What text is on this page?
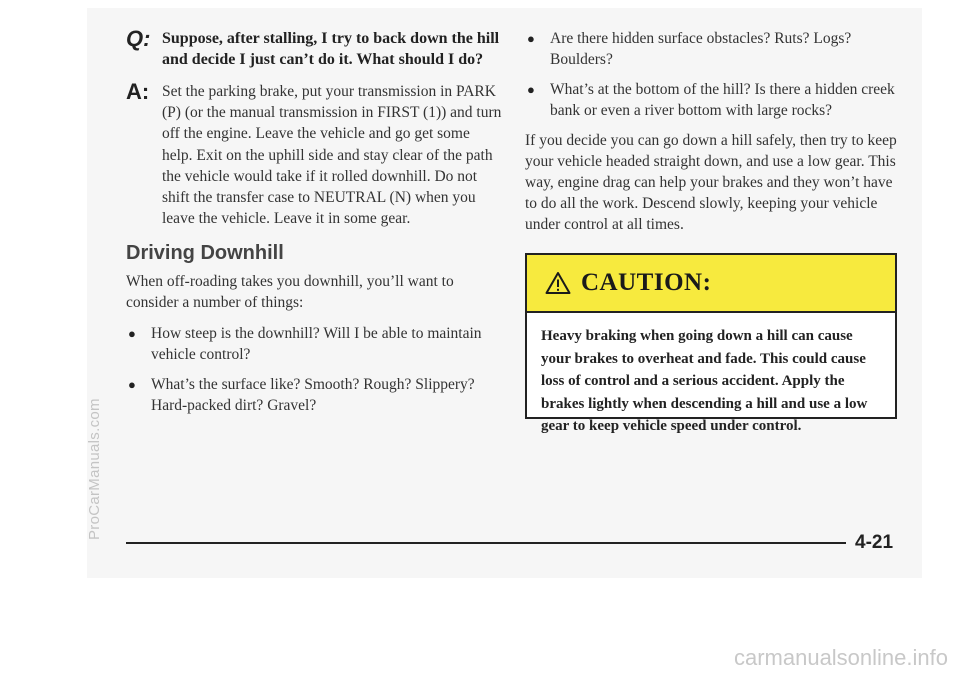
ProCarManuals.com
carmanualsonline.info
Q: Suppose, after stalling, I try to back down the hill and decide I just can’t do it. What should I do?

A: Set the parking brake, put your transmission in PARK (P) (or the manual transmission in FIRST (1)) and turn off the engine. Leave the vehicle and go get some help. Exit on the uphill side and stay clear of the path the vehicle would take if it rolled downhill. Do not shift the transfer case to NEUTRAL (N) when you leave the vehicle. Leave it in some gear.

Driving Downhill

When off-roading takes you downhill, you’ll want to consider a number of things:

● How steep is the downhill? Will I be able to maintain vehicle control?
● What’s the surface like? Smooth? Rough? Slippery? Hard-packed dirt? Gravel?
● Are there hidden surface obstacles? Ruts? Logs? Boulders?
● What’s at the bottom of the hill? Is there a hidden creek bank or even a river bottom with large rocks?

If you decide you can go down a hill safely, then try to keep your vehicle headed straight down, and use a low gear. This way, engine drag can help your brakes and they won’t have to do all the work. Descend slowly, keeping your vehicle under control at all times.

CAUTION:
Heavy braking when going down a hill can cause your brakes to overheat and fade. This could cause loss of control and a serious accident. Apply the brakes lightly when descending a hill and use a low gear to keep vehicle speed under control.
4-21
